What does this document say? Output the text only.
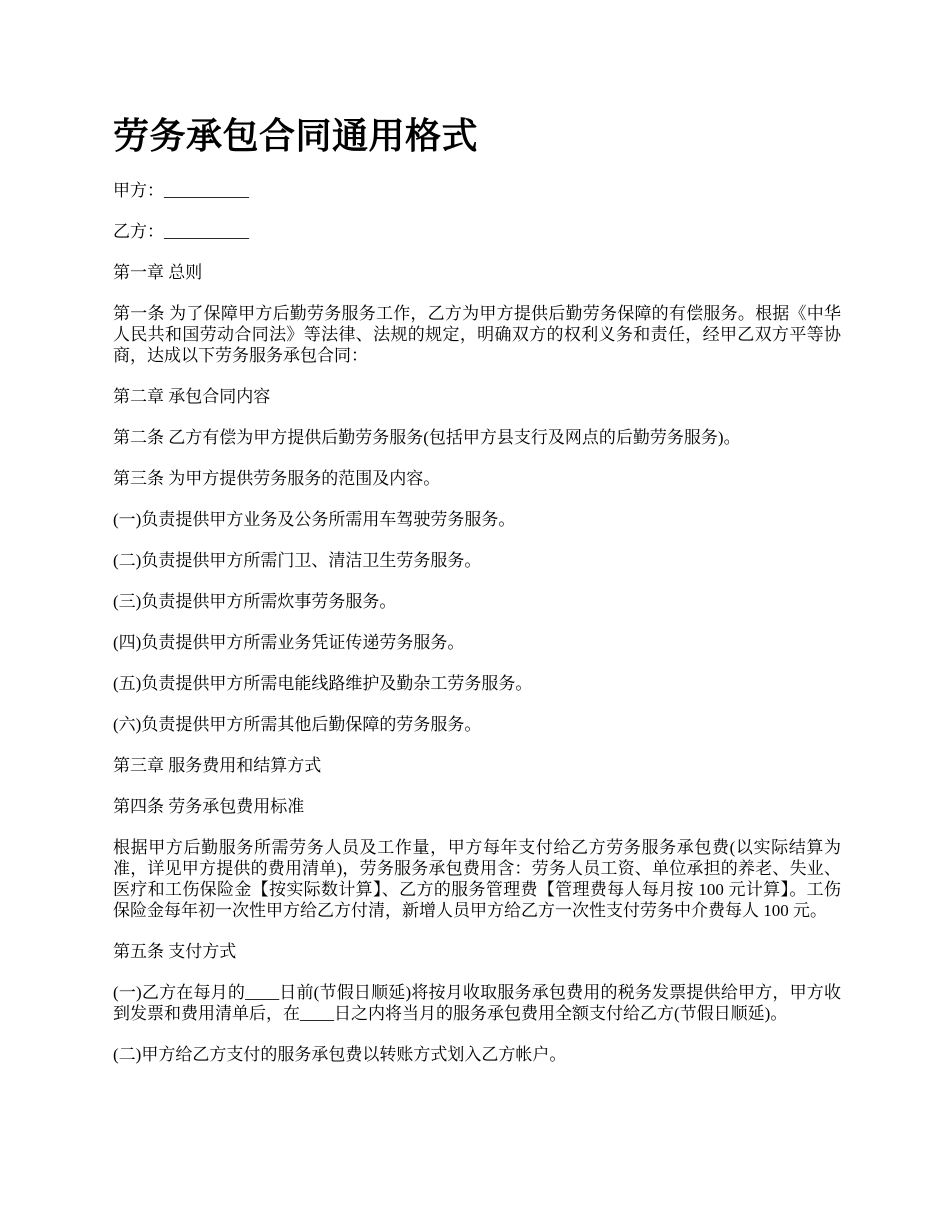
劳务承包合同通用格式

甲方：__________

乙方：__________

第一章 总则

第一条 为了保障甲方后勤劳务服务工作，乙方为甲方提供后勤劳务保障的有偿服务。根据《中华人民共和国劳动合同法》等法律、法规的规定，明确双方的权利义务和责任，经甲乙双方平等协商，达成以下劳务服务承包合同：

第二章 承包合同内容

第二条 乙方有偿为甲方提供后勤劳务服务(包括甲方县支行及网点的后勤劳务服务)。

第三条 为甲方提供劳务服务的范围及内容。

(一)负责提供甲方业务及公务所需用车驾驶劳务服务。

(二)负责提供甲方所需门卫、清洁卫生劳务服务。

(三)负责提供甲方所需炊事劳务服务。

(四)负责提供甲方所需业务凭证传递劳务服务。

(五)负责提供甲方所需电能线路维护及勤杂工劳务服务。

(六)负责提供甲方所需其他后勤保障的劳务服务。

第三章 服务费用和结算方式

第四条 劳务承包费用标准

根据甲方后勤服务所需劳务人员及工作量，甲方每年支付给乙方劳务服务承包费(以实际结算为准，详见甲方提供的费用清单)，劳务服务承包费用含：劳务人员工资、单位承担的养老、失业、医疗和工伤保险金【按实际数计算】、乙方的服务管理费【管理费每人每月按 100 元计算】。工伤保险金每年初一次性甲方给乙方付清，新增人员甲方给乙方一次性支付劳务中介费每人 100 元。

第五条 支付方式

(一)乙方在每月的____日前(节假日顺延)将按月收取服务承包费用的税务发票提供给甲方，甲方收到发票和费用清单后，在____日之内将当月的服务承包费用全额支付给乙方(节假日顺延)。

(二)甲方给乙方支付的服务承包费以转账方式划入乙方帐户。
